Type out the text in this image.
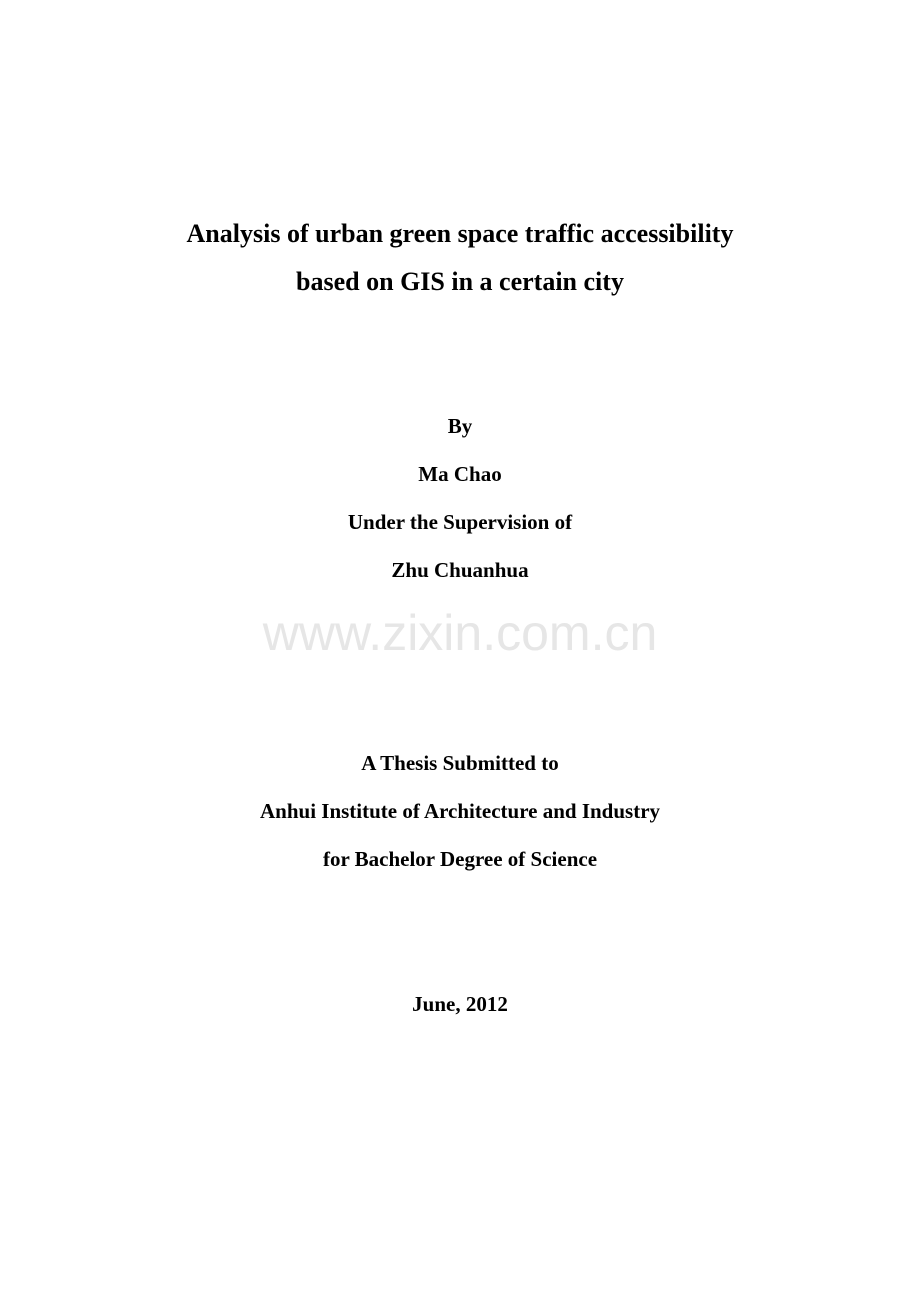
Analysis of urban green space traffic accessibility
based on GIS in a certain city
By
Ma Chao
Under the Supervision of
Zhu Chuanhua
www.zixin.com.cn
A Thesis Submitted to
Anhui Institute of Architecture and Industry
for Bachelor Degree of Science
June, 2012
